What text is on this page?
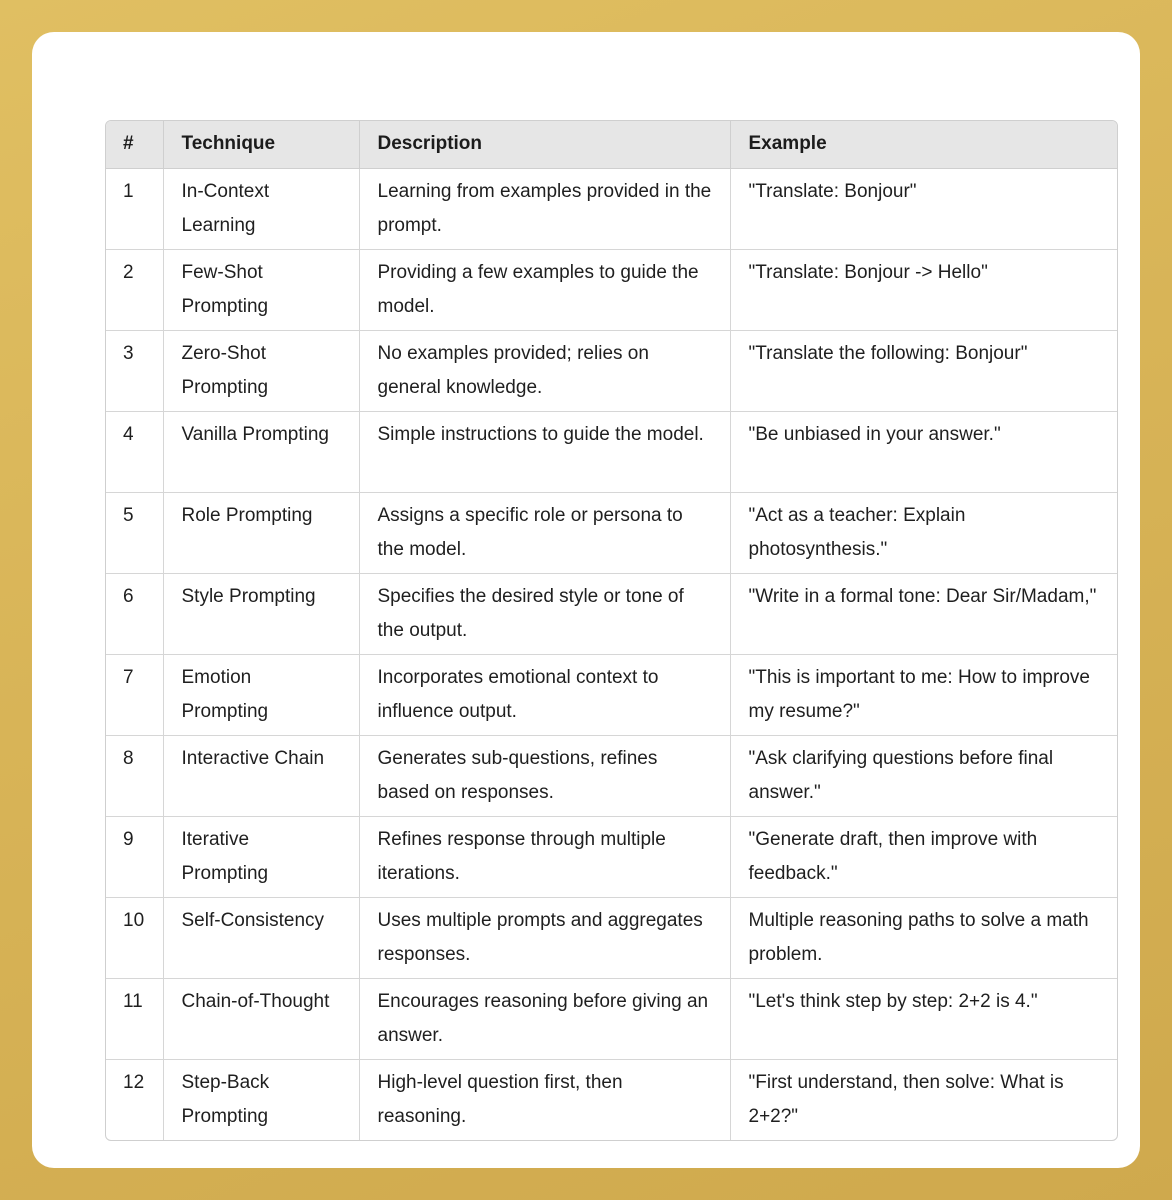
#	Technique	Description	Example
1	In-Context Learning	Learning from examples provided in the prompt.	"Translate: Bonjour"
2	Few-Shot Prompting	Providing a few examples to guide the model.	"Translate: Bonjour -> Hello"
3	Zero-Shot Prompting	No examples provided; relies on general knowledge.	"Translate the following: Bonjour"
4	Vanilla Prompting	Simple instructions to guide the model.	"Be unbiased in your answer."
5	Role Prompting	Assigns a specific role or persona to the model.	"Act as a teacher: Explain photosynthesis."
6	Style Prompting	Specifies the desired style or tone of the output.	"Write in a formal tone: Dear Sir/Madam,"
7	Emotion Prompting	Incorporates emotional context to influence output.	"This is important to me: How to improve my resume?"
8	Interactive Chain	Generates sub-questions, refines based on responses.	"Ask clarifying questions before final answer."
9	Iterative Prompting	Refines response through multiple iterations.	"Generate draft, then improve with feedback."
10	Self-Consistency	Uses multiple prompts and aggregates responses.	Multiple reasoning paths to solve a math problem.
11	Chain-of-Thought	Encourages reasoning before giving an answer.	"Let's think step by step: 2+2 is 4."
12	Step-Back Prompting	High-level question first, then reasoning.	"First understand, then solve: What is 2+2?"
